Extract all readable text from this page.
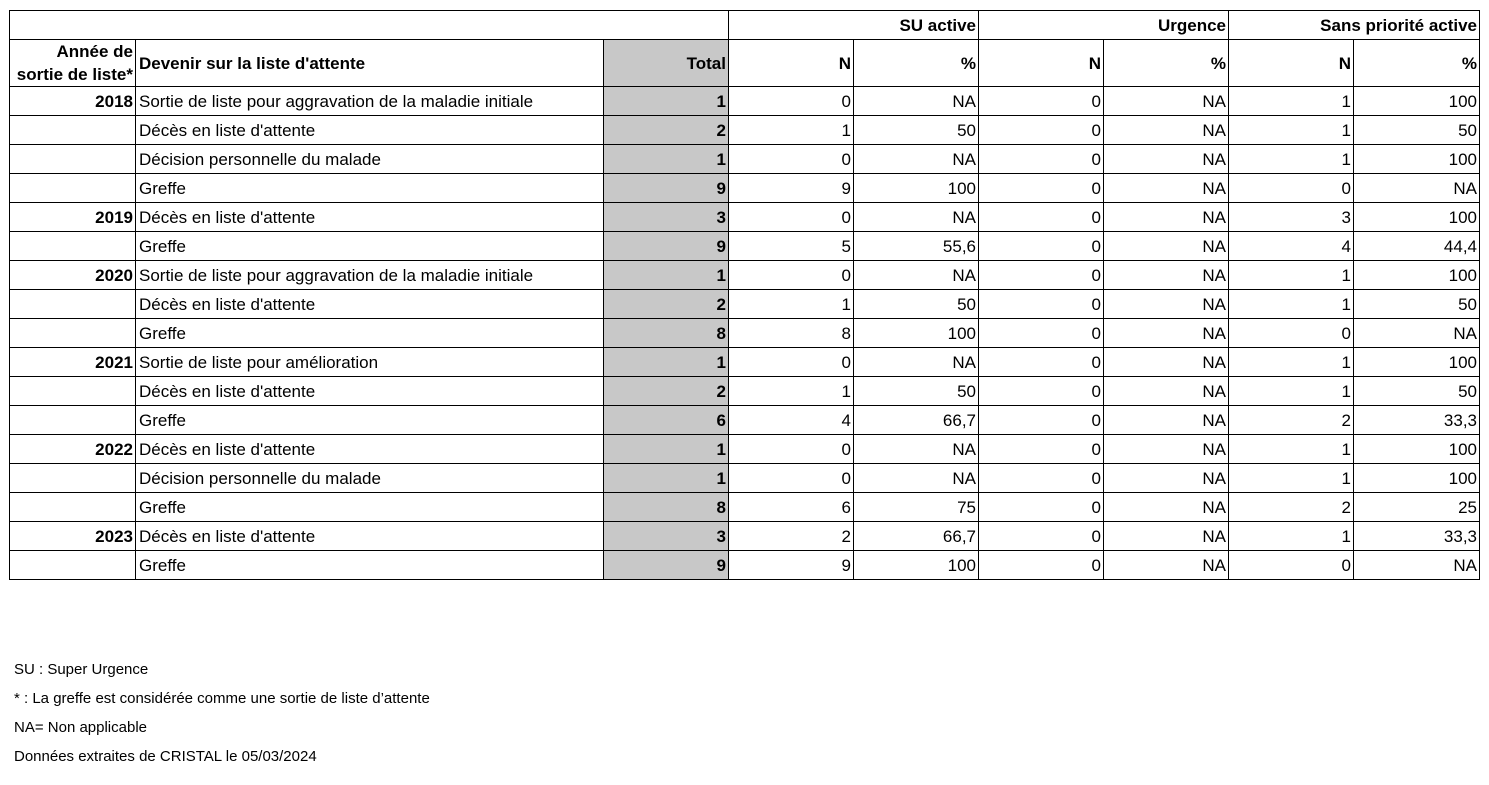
			SU active		Urgence		Sans priorité active	
Année de sortie de liste*	Devenir sur la liste d'attente	Total	N	%	N	%	N	%
2018	Sortie de liste pour aggravation de la maladie initiale	1	0	NA	0	NA	1	100
	Décès en liste d'attente	2	1	50	0	NA	1	50
	Décision personnelle du malade	1	0	NA	0	NA	1	100
	Greffe	9	9	100	0	NA	0	NA
2019	Décès en liste d'attente	3	0	NA	0	NA	3	100
	Greffe	9	5	55,6	0	NA	4	44,4
2020	Sortie de liste pour aggravation de la maladie initiale	1	0	NA	0	NA	1	100
	Décès en liste d'attente	2	1	50	0	NA	1	50
	Greffe	8	8	100	0	NA	0	NA
2021	Sortie de liste pour amélioration	1	0	NA	0	NA	1	100
	Décès en liste d'attente	2	1	50	0	NA	1	50
	Greffe	6	4	66,7	0	NA	2	33,3
2022	Décès en liste d'attente	1	0	NA	0	NA	1	100
	Décision personnelle du malade	1	0	NA	0	NA	1	100
	Greffe	8	6	75	0	NA	2	25
2023	Décès en liste d'attente	3	2	66,7	0	NA	1	33,3
	Greffe	9	9	100	0	NA	0	NA
SU : Super Urgence
* : La greffe est considérée comme une sortie de liste d’attente
NA= Non applicable
Données extraites de CRISTAL le 05/03/2024
